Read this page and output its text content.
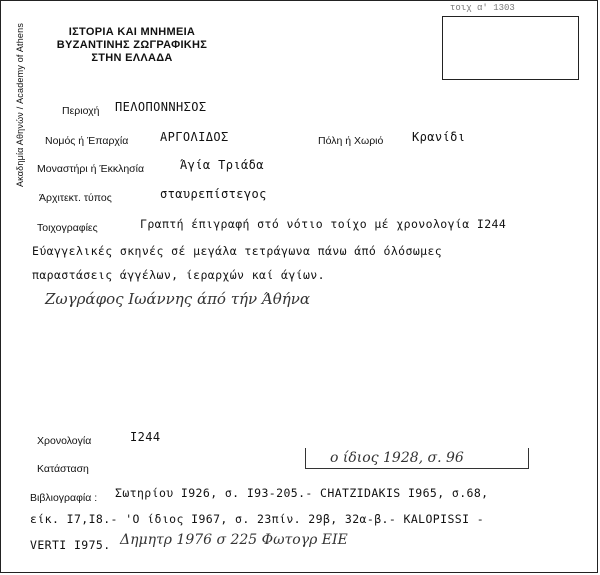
Ακαδημία Αθηνών / Academy of Athens	ΙΣΤΟΡΙΑ ΚΑΙ ΜΝΗΜΕΙΑ
ΒΥΖΑΝΤΙΝΗΣ ΖΩΓΡΑΦΙΚΗΣ
ΣΤΗΝ ΕΛΛΑΔΑ
τοιχ α' 1303
Περιοχή ΠΕΛΟΠΟΝΝΗΣΟΣ
Νομός ή Έπαρχία	ΑΡΓΟΛΙΔΟΣ	Πόλη ή Χωριό Κρανίδι
Μοναστήρι ή Έκκλησία	Άγία Τριάδα
Άρχιτεκτ. τύπος	σταυρεπίστεγος
Τοιχογραφίες	Γραπτή έπιγραφή στό νότιο τοίχο μέ χρονολογία Ι244
Εύαγγελικές σκηνές σέ μεγάλα τετράγωνα πάνω άπό όλόσωμες
παραστάσεις άγγέλων, ίεραρχών καί άγίων.
Ζωγράφος Ιωάννης άπό τήν Άθήνα
Χρονολογία	Ι244
Κατάσταση
ο ίδιος 1928, σ. 96
Βιβλιογραφία : Σωτηρίου Ι926, σ. Ι93-205.- CHATZIDAKIS I965, σ.68,
είκ. Ι7,Ι8.- 'Ο ίδιος Ι967, σ. 23πίν. 29β, 32α-β.- KALOPISSI -
VERTI Ι975. Δημητρ 1976 σ 225 Φωτογρ ΕΙΕ
